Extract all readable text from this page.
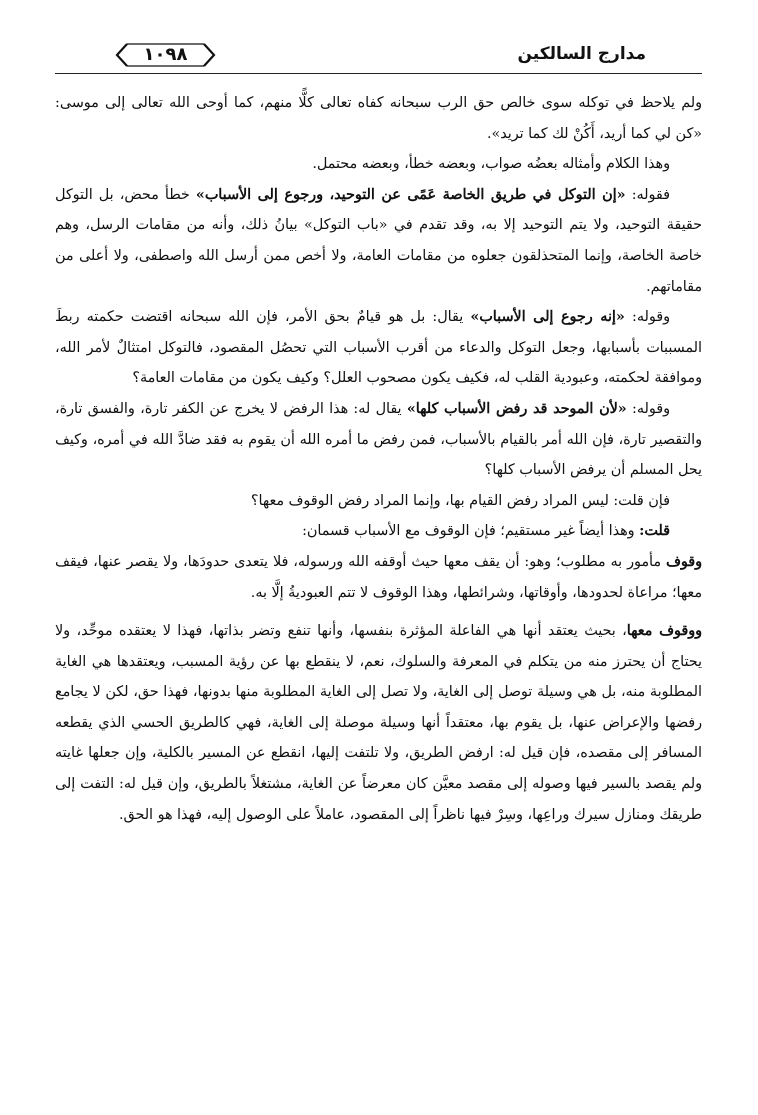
١٠٩٨	مدارج السالكين

ولم يلاحظ في توكله سوى خالص حق الرب سبحانه كفاه تعالى كلًّا منهم، كما أوحى الله تعالى إلى موسى: «كن لي كما أريد، أَكُنْ لك كما تريد».

وهذا الكلام وأمثاله بعضُه صواب، وبعضه خطأ، وبعضه محتمل.

فقوله: «إن التوكل في طريق الخاصة عَمًى عن التوحيد، ورجوع إلى الأسباب» خطأ محض، بل التوكل حقيقة التوحيد، ولا يتم التوحيد إلا به، وقد تقدم في «باب التوكل» بيانُ ذلك، وأنه من مقامات الرسل، وهم خاصة الخاصة، وإنما المتحذلقون جعلوه من مقامات العامة، ولا أخص ممن أرسل الله واصطفى، ولا أعلى من مقاماتهم.

وقوله: «إنه رجوع إلى الأسباب» يقال: بل هو قيامٌ بحق الأمر، فإن الله سبحانه اقتضت حكمته ربطَ المسببات بأسبابها، وجعل التوكل والدعاء من أقرب الأسباب التي تحصُل المقصود، فالتوكل امتثالٌ لأمر الله، وموافقة لحكمته، وعبودية القلب له، فكيف يكون مصحوب العلل؟ وكيف يكون من مقامات العامة؟

وقوله: «لأن الموحد قد رفض الأسباب كلها» يقال له: هذا الرفض لا يخرج عن الكفر تارة، والفسق تارة، والتقصير تارة، فإن الله أمر بالقيام بالأسباب، فمن رفض ما أمره الله أن يقوم به فقد ضادَّ الله في أمره، وكيف يحل المسلم أن يرفض الأسباب كلها؟

فإن قلت: ليس المراد رفض القيام بها، وإنما المراد رفض الوقوف معها؟

قلت: وهذا أيضاً غير مستقيم؛ فإن الوقوف مع الأسباب قسمان:

وقوف مأمور به مطلوب؛ وهو: أن يقف معها حيث أوقفه الله ورسوله، فلا يتعدى حدودَها، ولا يقصر عنها، فيقف معها؛ مراعاة لحدودها، وأوقاتها، وشرائطها، وهذا الوقوف لا تتم العبوديةُ إلَّا به.

ووقوف معها، بحيث يعتقد أنها هي الفاعلة المؤثرة بنفسها، وأنها تنفع وتضر بذاتها، فهذا لا يعتقده موحِّد، ولا يحتاج أن يحترز منه من يتكلم في المعرفة والسلوك، نعم، لا ينقطع بها عن رؤية المسبب، ويعتقدها هي الغاية المطلوبة منه، بل هي وسيلة توصل إلى الغاية، ولا تصل إلى الغاية المطلوبة منها بدونها، فهذا حق، لكن لا يجامع رفضها والإعراض عنها، بل يقوم بها، معتقداً أنها وسيلة موصلة إلى الغاية، فهي كالطريق الحسي الذي يقطعه المسافر إلى مقصده، فإن قيل له: ارفض الطريق، ولا تلتفت إليها، انقطع عن المسير بالكلية، وإن جعلها غايته ولم يقصد بالسير فيها وصوله إلى مقصد معيَّن كان معرضاً عن الغاية، مشتغلاً بالطريق، وإن قيل له: التفت إلى طريقك ومنازل سيرك وراعِها، وسِرْ فيها ناظراً إلى المقصود، عاملاً على الوصول إليه، فهذا هو الحق.
